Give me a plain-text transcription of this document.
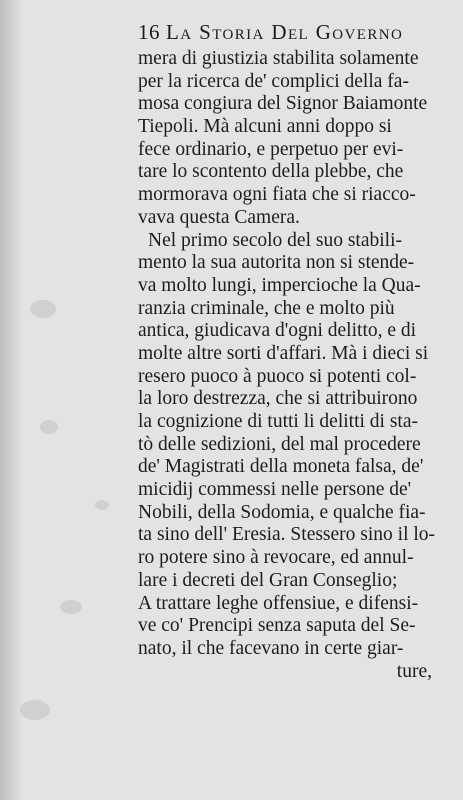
16 La Storia Del Governo
mera di giustizia stabilita solamente
per la ricerca de' complici della fa-
mosa congiura del Signor Baiamonte
Tiepoli. Mà alcuni anni doppo si
fece ordinario, e perpetuo per evi-
tare lo scontento della plebbe, che
mormorava ogni fiata che si riacco-
vava questa Camera.
Nel primo secolo del suo stabili-
mento la sua autorita non si stende-
va molto lungi, impercioche la Qua-
ranzia criminale, che e molto più
antica, giudicava d'ogni delitto, e di
molte altre sorti d'affari. Mà i dieci si
resero puoco à puoco si potenti col-
la loro destrezza, che si attribuirono
la cognizione di tutti li delitti di sta-
tò delle sedizioni, del mal procedere
de' Magistrati della moneta falsa, de'
micidij commessi nelle persone de'
Nobili, della Sodomia, e qualche fia-
ta sino dell' Eresia. Stessero sino il lo-
ro potere sino à revocare, ed annul-
lare i decreti del Gran Conseglio;
A trattare leghe offensiue, e difensi-
ve co' Prencipi senza saputa del Se-
nato, il che facevano in certe giar-
ture,
